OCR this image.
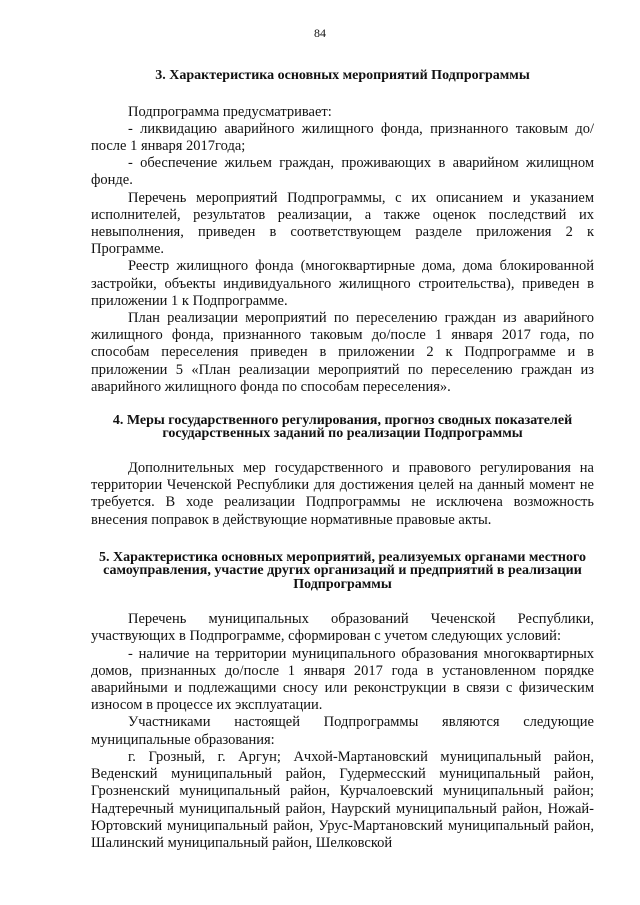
84
3. Характеристика основных мероприятий Подпрограммы

Подпрограмма предусматривает:

- ликвидацию аварийного жилищного фонда, признанного таковым до/после 1 января 2017года;

- обеспечение жильем граждан, проживающих в аварийном жилищном фонде.

Перечень мероприятий Подпрограммы, с их описанием и указанием исполнителей, результатов реализации, а также оценок последствий их невыполнения, приведен в соответствующем разделе приложения 2 к Программе.

Реестр жилищного фонда (многоквартирные дома, дома блокированной застройки, объекты индивидуального жилищного строительства), приведен в приложении 1 к Подпрограмме.

План реализации мероприятий по переселению граждан из аварийного жилищного фонда, признанного таковым до/после 1 января 2017 года, по способам переселения приведен в приложении 2 к Подпрограмме и в приложении 5 «План реализации мероприятий по переселению граждан из аварийного жилищного фонда по способам переселения».

4. Меры государственного регулирования, прогноз сводных показателей государственных заданий по реализации Подпрограммы

Дополнительных мер государственного и правового регулирования на территории Чеченской Республики для достижения целей на данный момент не требуется. В ходе реализации Подпрограммы не исключена возможность внесения поправок в действующие нормативные правовые акты.

5. Характеристика основных мероприятий, реализуемых органами местного самоуправления, участие других организаций и предприятий в реализации Подпрограммы

Перечень муниципальных образований Чеченской Республики, участвующих в Подпрограмме, сформирован с учетом следующих условий:

- наличие на территории муниципального образования многоквартирных домов, признанных до/после 1 января 2017 года в установленном порядке аварийными и подлежащими сносу или реконструкции в связи с физическим износом в процессе их эксплуатации.

Участниками настоящей Подпрограммы являются следующие муниципальные образования:

г. Грозный, г. Аргун; Ачхой-Мартановский муниципальный район, Веденский муниципальный район, Гудермесский муниципальный район, Грозненский муниципальный район, Курчалоевский муниципальный район; Надтеречный муниципальный район, Наурский муниципальный район, Ножай-Юртовский муниципальный район, Урус-Мартановский муниципальный район, Шалинский муниципальный район, Шелковской
